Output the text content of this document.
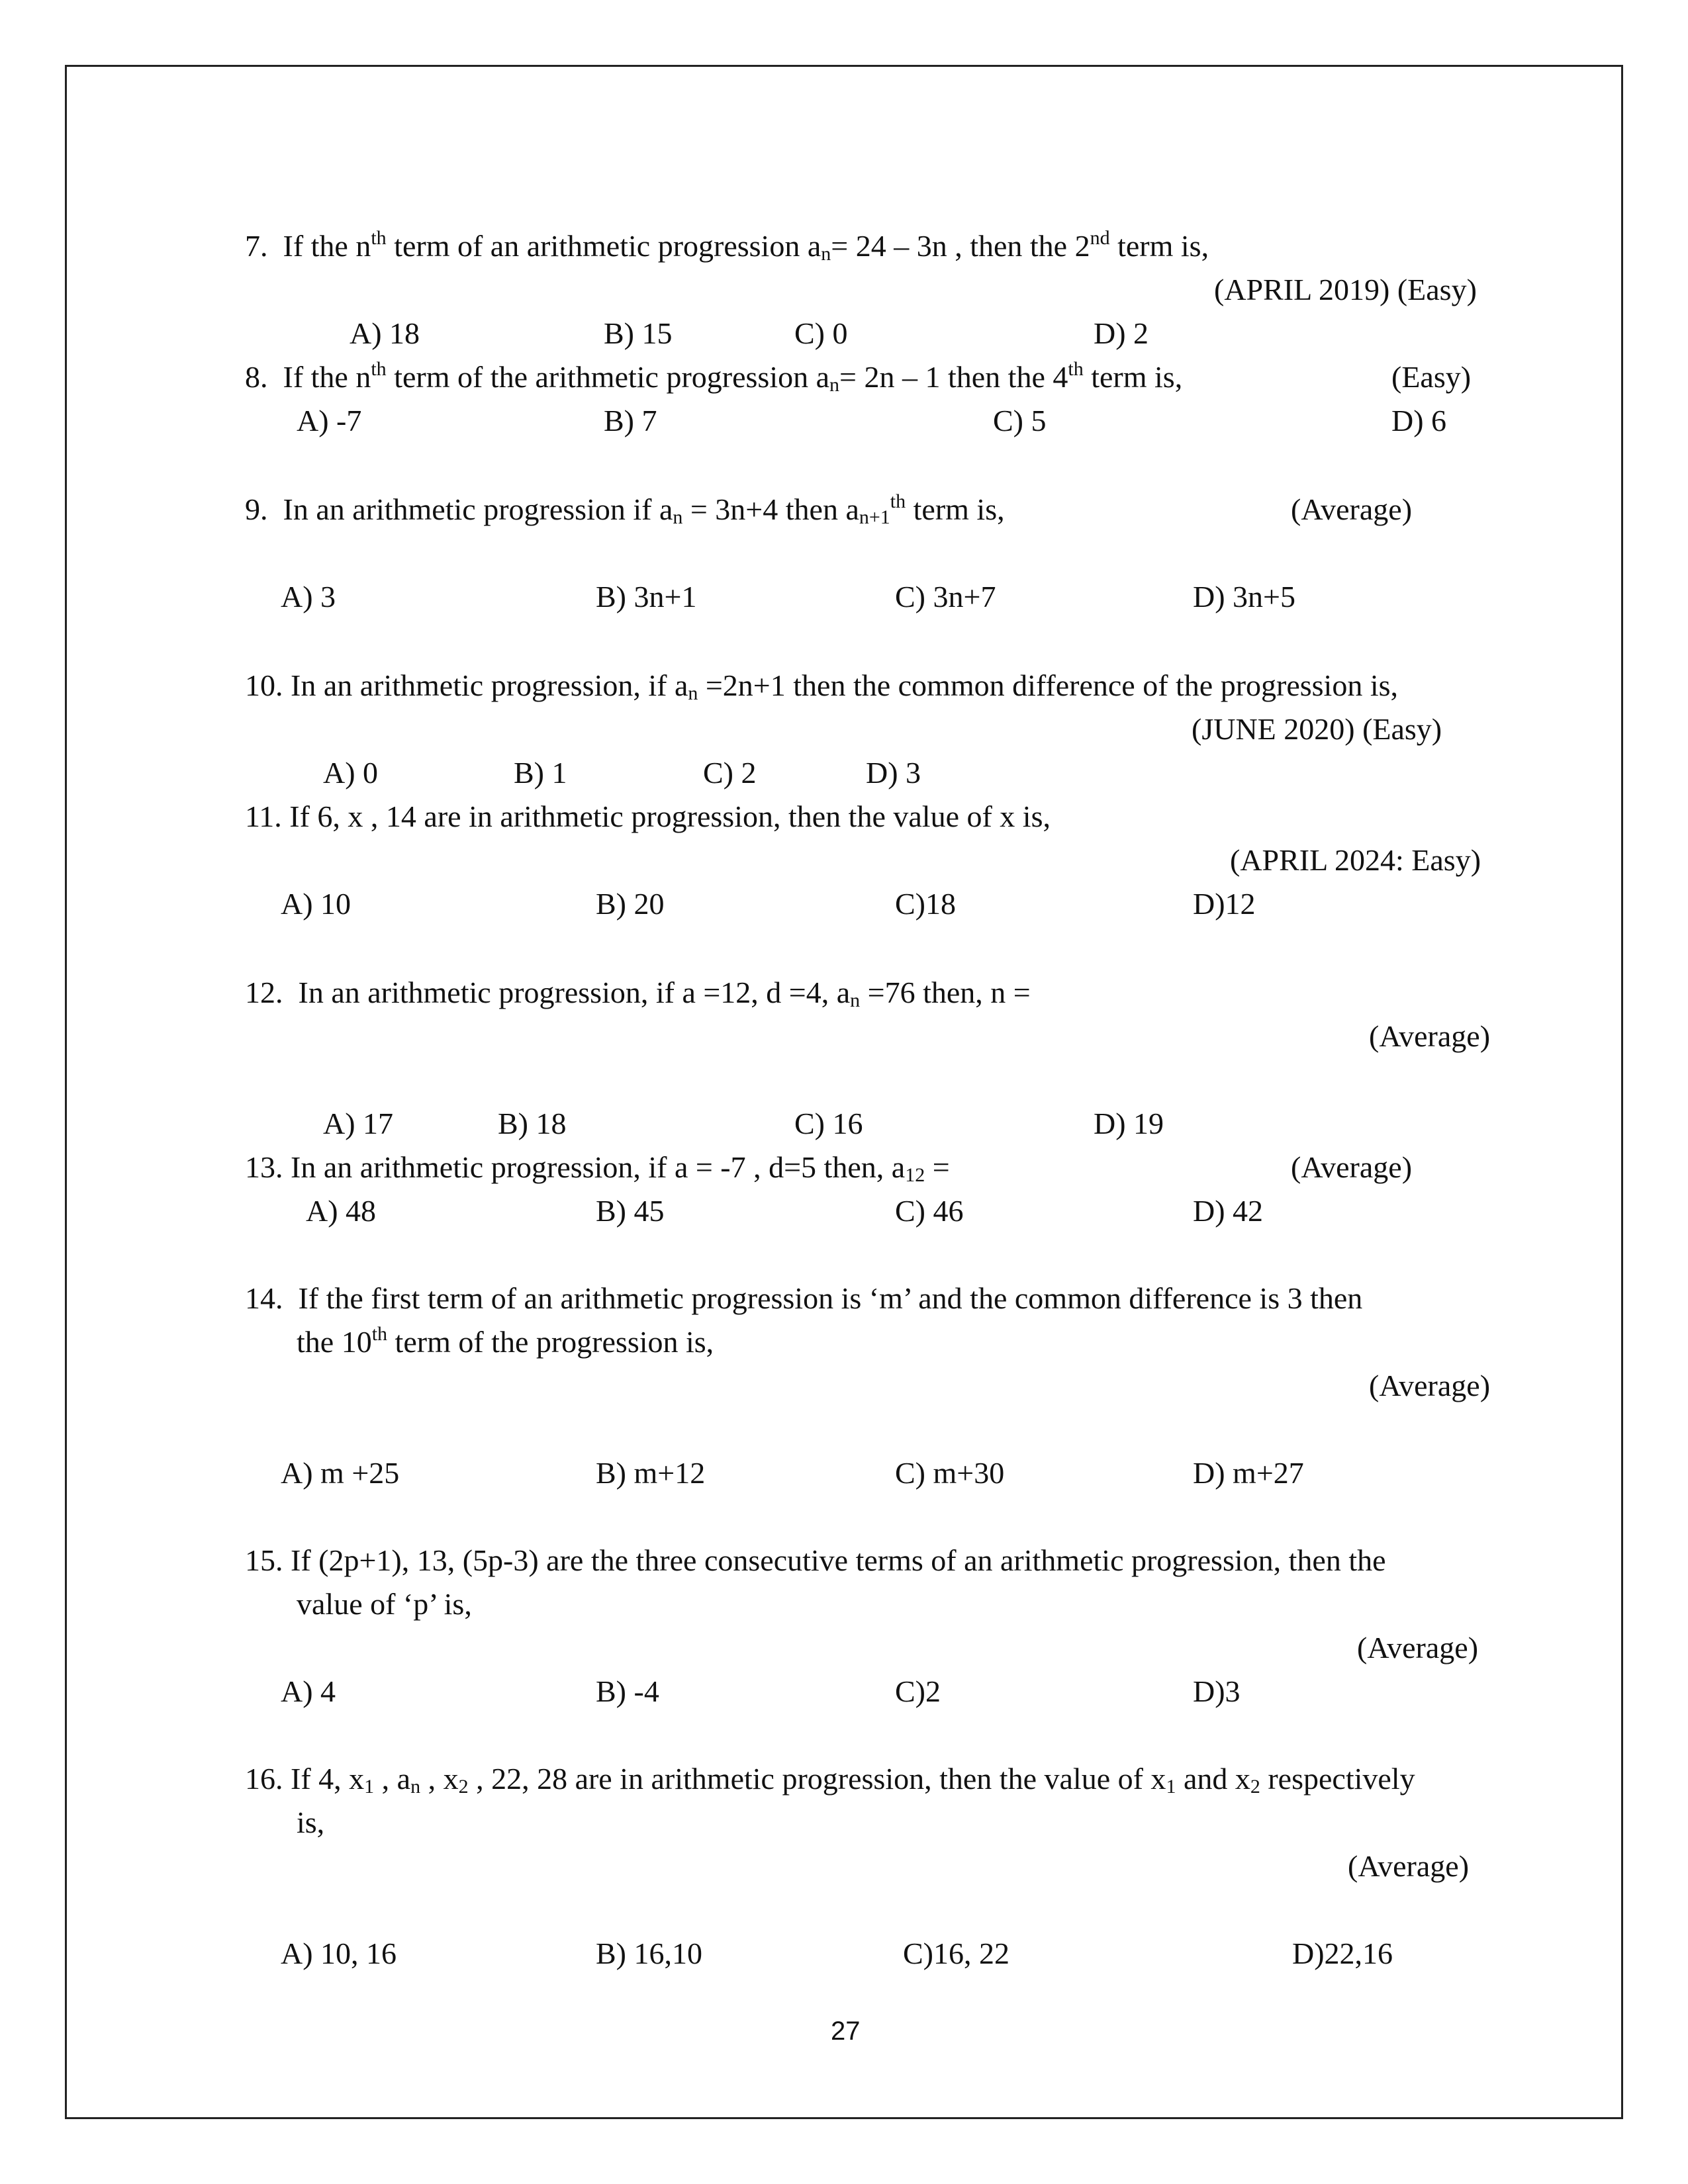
7. If the $n^{th}$ term of an arithmetic progression $a_n= 24 - 3n$ , then the 2nd term is,
(APRIL 2019) (Easy)
A) 18	B) 15	C) 0	D) 2
8. If the $n^{th}$ term of the arithmetic progression $a_n= 2n - 1$ then the 4th term is,	(Easy)
A) -7	B) 7	C) 5	D) 6
9. In an arithmetic progression if $a_n = 3n+4$ then $a_{n+1}^{th}$ term is,	(Average)
A) 3	B) 3n+1	C) 3n+7	D) 3n+5
10. In an arithmetic progression, if $a_n =2n+1$ then the common difference of the progression is,
(JUNE 2020) (Easy)
A) 0	B) 1	C) 2	D) 3
11. If 6, x , 14 are in arithmetic progression, then the value of x is,
(APRIL 2024: Easy)
A) 10	B) 20	C)18	D)12
12. In an arithmetic progression, if a =12, d =4, $a_n =76$ then, n =
(Average)
A) 17	B) 18	C) 16	D) 19
13. In an arithmetic progression, if a = -7 , d=5 then, $a_{12}$ =	(Average)
A) 48	B) 45	C) 46	D) 42
14. If the first term of an arithmetic progression is ‘m’ and the common difference is 3 then
the 10th term of the progression is,
(Average)
A) m +25	B) m+12	C) m+30	D) m+27
15. If (2p+1), 13, (5p-3) are the three consecutive terms of an arithmetic progression, then the
value of ‘p’ is,
(Average)
A) 4	B) -4	C)2	D)3
16. If 4, $x_1$ , $a_n$ , $x_2$ , 22, 28 are in arithmetic progression, then the value of $x_1$ and $x_2$ respectively
is,
(Average)
A) 10, 16	B) 16,10	C)16, 22	D)22,16
27
